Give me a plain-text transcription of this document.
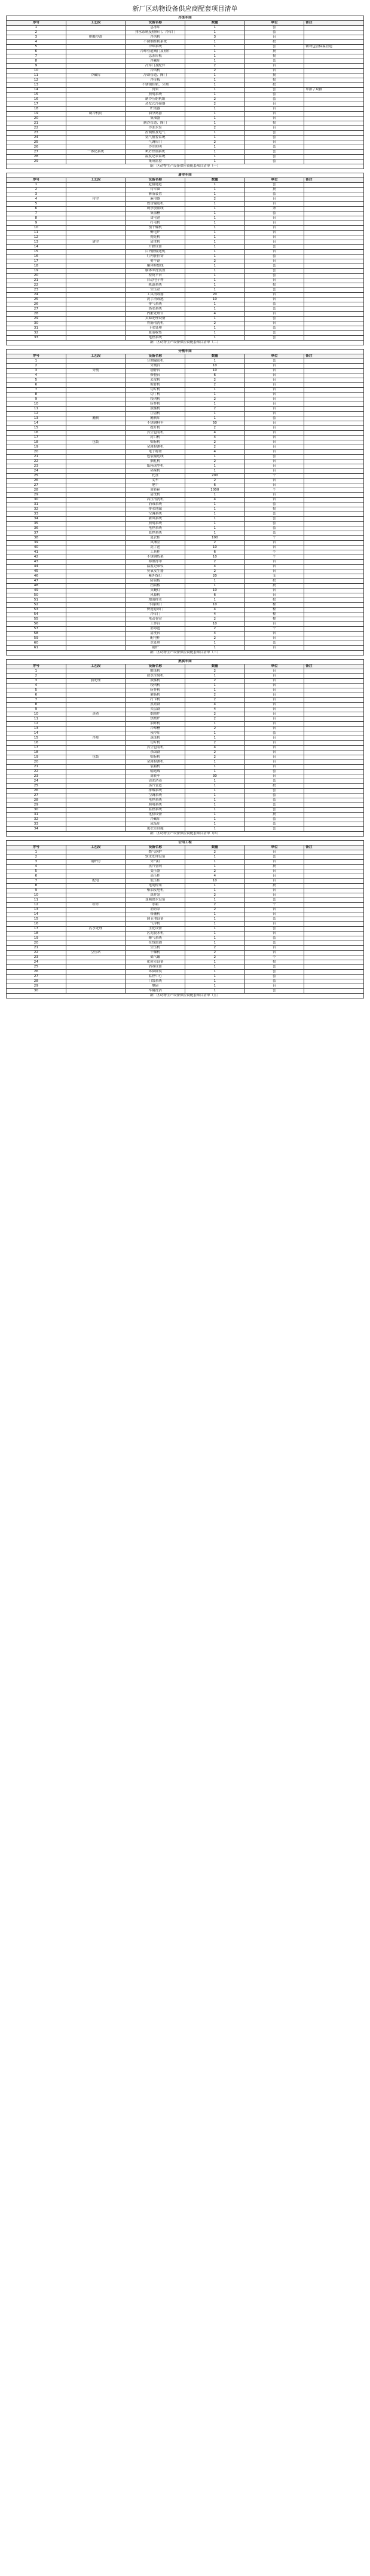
新厂区动物设备供应商配套项目清单
冷冻车间					
序号	工艺段	设备名称	数量	单位	备注
1		急冻库	1	套	
2		排水系统及检修门、冷库门	1	套	
3	排酸冷却	冷风机	3	台	
4		不锈钢挂轨系统	1	批	
5		冷却系统	1	套	铺设包含保温管道
6		冷却管道阀门及附件	1	批	
7		急冻库板	1	批	
8		冷藏库	1	套	
9		冷库门及配件	2	台	
10		冷风机	2	台	
11	冷藏库	冷却管道、阀门	1	批	
12		冷库板	1	批	
13		不锈钢挂轨、分割	1	批	
14		货架	1	套	单排 / 双排
15		照明系统	1	套	
16		制冷压缩机组	2	套	
17		蒸发式冷凝器	2	台	
18		贮液器	1	台	
19	制冷机房	油分离器	1	台	
20		集油器	1	台	
21		制冷管道、阀门	1	批	
22		冷冻水泵	2	台	
23		控制柜及电气	1	套	
24		氨气报警系统	1	套	
25		气调库门	2	台	
26		冷库照明	1	套	
27	一体化系统	PLC控制系统	1	套	
28		温度记录系统	1	套	
29		集成监控	1	套	
新厂区动物生产设备供应商配套项目清单（一）					
屠宰车间					
序号	工艺段	设备名称	数量	单位	备注
1		赶猪通道	1	套	
2		待宰圈	1	批	
3		淋浴装置	1	套	
4	待宰	麻电器	2	台	
5		致昏输送机	1	台	
6		刺杀放血线	1	条	
7		集血槽	1	套	
8		烫毛池	1	台	
9		打毛机	1	台	
10		预干燥机	1	台	
11		燎毛炉	1	台	
12		抛光机	1	台	
13	屠宰	清洗机	1	台	
14		开膛设备	1	套	
15		白内脏输送机	1	台	
16		红内脏挂钩	1	套	
17		劈半锯	2	台	
18		胴体修整线	1	套	
19		胴体冲洗装置	1	套	
20		检疫平台	1	套	
21		自动电子秤	1	台	
22		轨道系统	1	批	
23		空压站	1	套	
24		工具消毒器	20	台	
25		洗手消毒池	10	台	
26		排气系统	1	套	
27		热水系统	1	套	
28		内脏处理台	4	台	
29		头蹄处理设备	1	套	
30		胃肠清洗机	2	台	
31		下水处理	1	套	
32		血液收集	1	套	
33		电控系统	1	套	
新厂区动物生产设备供应商配套项目清单（二）					
分割车间					
序号	工艺段	设备名称	数量	单位	备注
1		分割输送机	1	套	
2		分割台	10	台	
3	分割	剔骨台	10	台	
4		修整台	6	台	
5		去皮机	2	台	
6		锯骨机	2	台	
7		切片机	1	台	
8		切丁机	1	台	
9		绞肉机	2	台	
10		斩拌机	1	台	
11		滚揉机	2	台	
12		注射机	1	台	
13	腌制	腌制库	1	套	
14		不锈钢料车	50	台	
15		提升机	2	台	
16		真空包装机	4	台	
17		封口机	4	台	
18	包装	贴标机	2	台	
19		金属检测机	2	台	
20		电子称重	4	台	
21		包装输送线	1	套	
22		捆扎机	2	台	
23		纸箱成型机	1	台	
24		码垛机	1	台	
25		托盘	200	个	
26		叉车	2	台	
27		地牛	6	台	
28		周转箱	1000	个	
29		清洗机	1	台	
30		高压清洗机	4	台	
31		消毒系统	1	套	
32		排水地漏	1	批	
33		空调系统	1	套	
34		新风系统	1	套	
35		照明系统	1	套	
36		电控系统	1	套	
37		监控系统	1	套	
38		更衣柜	100	个	
39		风淋室	2	台	
40		洗手池	10	台	
41		工具柜	6	个	
42		不锈钢货架	10	个	
43		称重打印	2	台	
44		温度记录仪	4	台	
45		臭氧发生器	2	台	
46		紫外线灯	20	支	
47		防鼠板	1	批	
48		挡鼠板	1	批	
49		灭蝇灯	10	台	
50		风幕机	6	台	
51		地面排水	1	批	
52		不锈钢门	10	樘	
53		快速卷帘门	4	樘	
54		冷库门	4	樘	
55		电动卷帘	2	樘	
56		工作台	10	台	
57		消毒池	2	个	
58		清洗台	4	台	
59		配电柜	2	台	
60		水处理	1	套	
61		锅炉	1	台	
新厂区动物生产设备供应商配套项目清单（三）					
熟食车间					
序号	工艺段	设备名称	数量	单位	备注
1		解冻机	2	台	
2		盐水注射机	1	台	
3	前处理	滚揉机	2	台	
4		绞肉机	1	台	
5		斩拌机	1	台	
6		灌肠机	2	台	
7		打卡机	2	台	
8		蒸煮锅	4	台	
9		夹层锅	4	台	
10	蒸煮	烟熏炉	2	台	
11		烘烤炉	2	台	
12		油炸机	1	台	
13		冷却槽	2	台	
14		预冷库	1	套	
15	冷却	速冻机	1	台	
16		切片机	2	台	
17		真空包装机	4	台	
18		杀菌锅	2	台	
19	包装	贴标机	2	台	
20		金属检测机	1	台	
21		装箱机	1	台	
22		输送线	1	套	
23		周转车	30	台	
24		清洗消毒	1	套	
25		蒸汽管道	1	批	
26		排烟系统	1	套	
27		空调系统	1	套	
28		电控系统	1	套	
29		照明系统	1	套	
30		监控系统	1	套	
31		化验设备	1	批	
32		冷藏库	1	套	
33		成品库	1	套	
34		更衣室设施	1	套	
新厂区动物生产设备供应商配套项目清单（四）					
公用工程					
序号	工艺段	设备名称	数量	单位	备注
1		燃气锅炉	2	台	
2		软水处理设备	1	套	
3	锅炉房	分汽缸	1	台	
4		蒸汽管网	1	批	
5		变压器	2	台	
6		高压柜	4	台	
7	配电	低压柜	10	台	
8		电缆桥架	1	批	
9		柴油发电机	1	台	
10		深井泵	2	台	
11		变频供水设备	1	套	
12	给水	水箱	2	个	
13		消防泵	2	台	
14		格栅机	1	台	
15		调节池设备	1	套	
16		气浮机	1	台	
17	污水处理	生化设备	1	套	
18		污泥脱水机	1	台	
19		曝气系统	1	套	
20		在线监测	1	套	
21		空压机	2	台	
22	空压站	干燥机	2	台	
23		储气罐	2	个	
24		化验室设备	1	批	
25		消毒设备	1	套	
26		环保除臭	1	套	
27		监控中心	1	套	
28		门禁系统	1	套	
29		地磅	1	台	
30		车辆洗消	1	套	
新厂区动物生产设备供应商配套项目清单（五）					
